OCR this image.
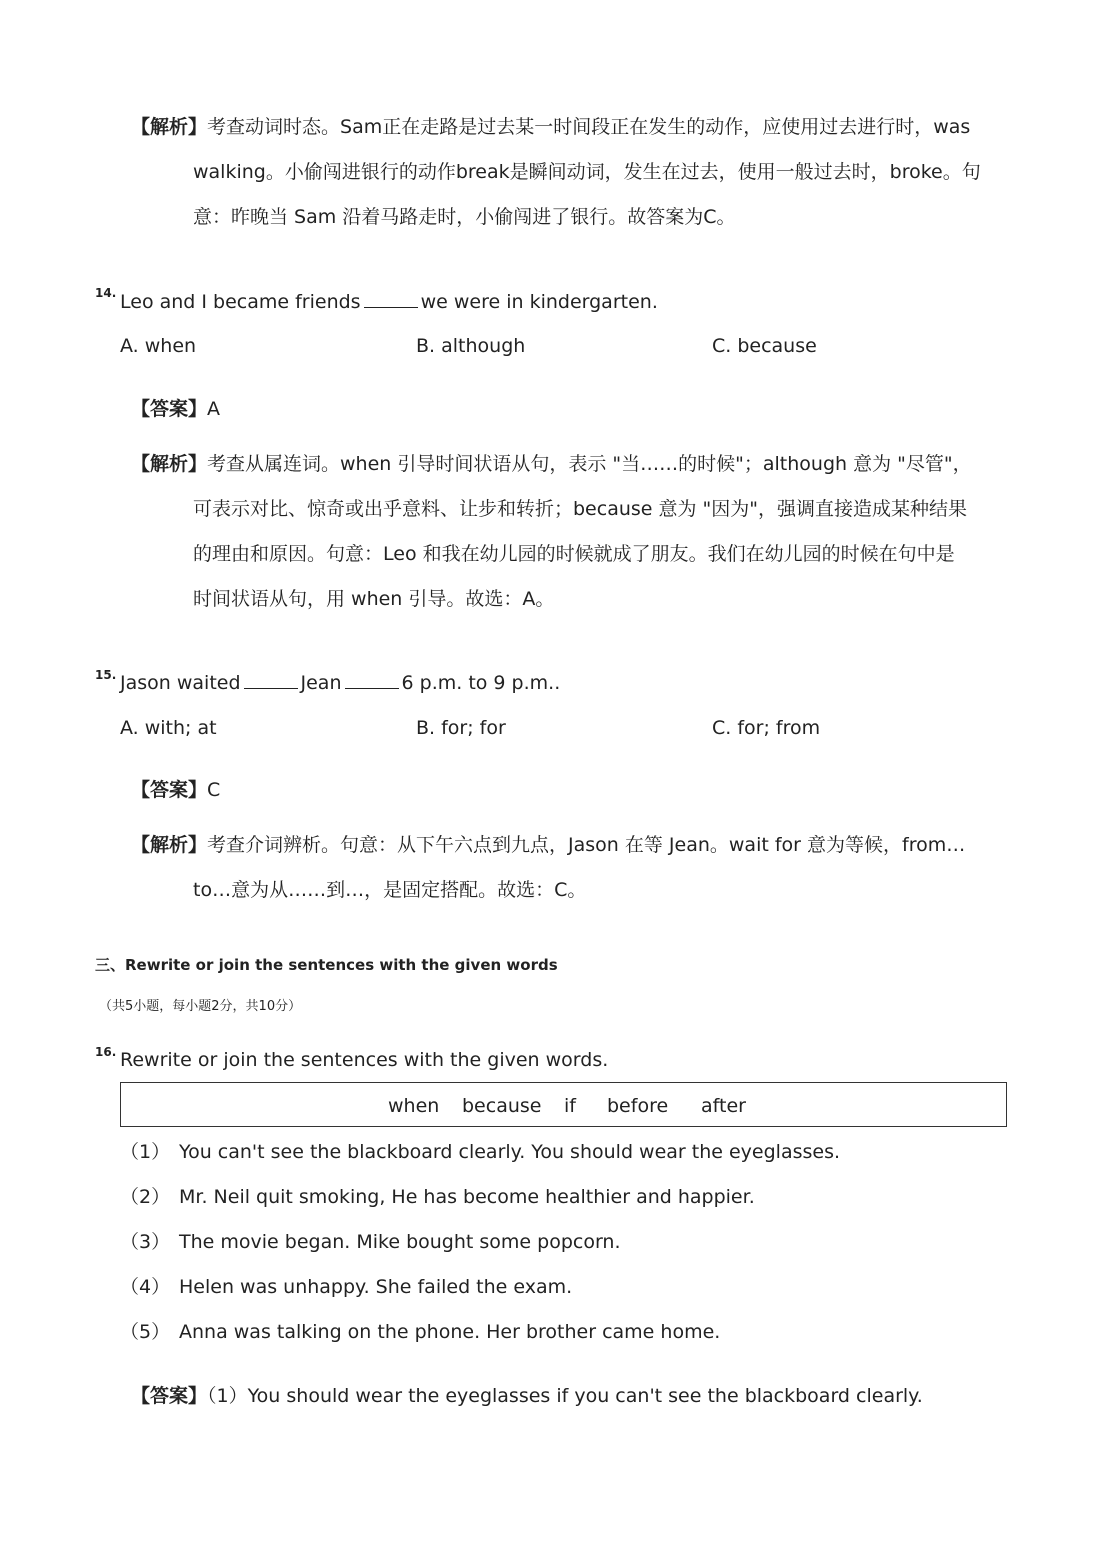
【解析】考查动词时态。Sam正在走路是过去某一时间段正在发生的动作，应使用过去进行时，was
walking。小偷闯进银行的动作break是瞬间动词，发生在过去，使用一般过去时，broke。句
意：昨晚当 Sam 沿着马路走时，小偷闯进了银行。故答案为C。
14. Leo and I became friends	we were in kindergarten.
A. when	B. although	C. because
【答案】A
【解析】考查从属连词。when 引导时间状语从句，表示 "当……的时候"；although 意为 "尽管"，
可表示对比、惊奇或出乎意料、让步和转折；because 意为 "因为"，强调直接造成某种结果
的理由和原因。句意：Leo 和我在幼儿园的时候就成了朋友。我们在幼儿园的时候在句中是
时间状语从句，用 when 引导。故选：A。
15. Jason waited	Jean	6 p.m. to 9 p.m..
A. with; at	B. for; for	C. for; from
【答案】C
【解析】考查介词辨析。句意：从下午六点到九点，Jason 在等 Jean。wait for 意为等候，from…
to…意为从……到…，是固定搭配。故选：C。
三、Rewrite or join the sentences with the given words
（共5小题，每小题2分，共10分）
16. Rewrite or join the sentences with the given words.
when because if before after
（1） You can't see the blackboard clearly. You should wear the eyeglasses.
（2） Mr. Neil quit smoking, He has become healthier and happier.
（3） The movie began. Mike bought some popcorn.
（4） Helen was unhappy. She failed the exam.
（5） Anna was talking on the phone. Her brother came home.
【答案】（1）You should wear the eyeglasses if you can't see the blackboard clearly.
